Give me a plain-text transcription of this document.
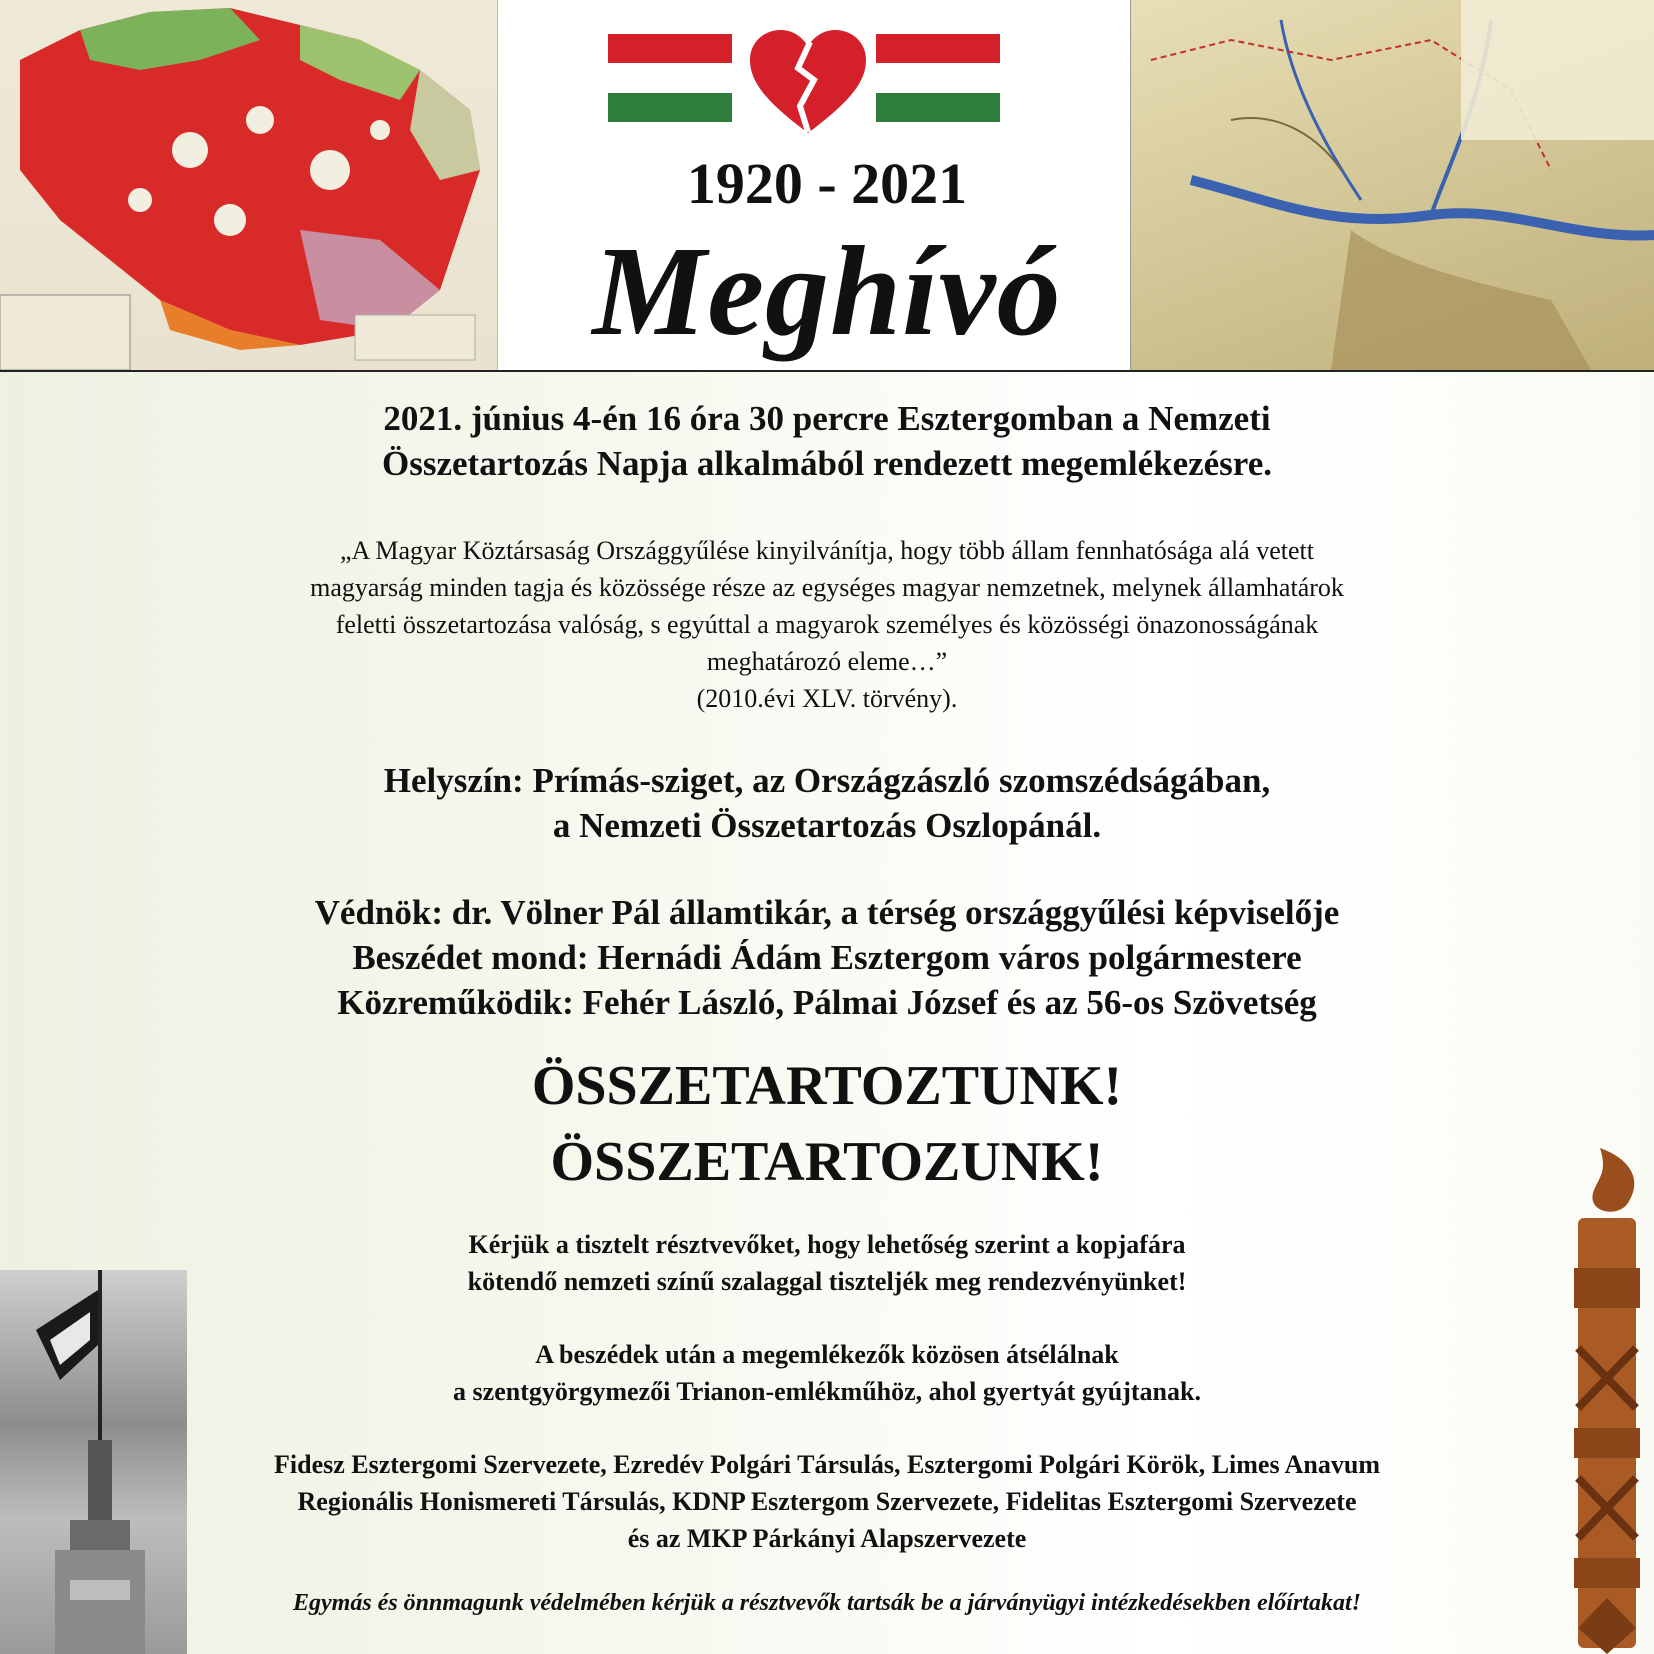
1920 - 2021
Meghívó
2021. június 4-én 16 óra 30 percre Esztergomban a Nemzeti
Összetartozás Napja alkalmából rendezett megemlékezésre.
„A Magyar Köztársaság Országgyűlése kinyilvánítja, hogy több állam fennhatósága alá vetett
magyarság minden tagja és közössége része az egységes magyar nemzetnek, melynek államhatárok
feletti összetartozása valóság, s egyúttal a magyarok személyes és közösségi önazonosságának
meghatározó eleme…”
(2010.évi XLV. törvény).
Helyszín: Prímás-sziget, az Országzászló szomszédságában,
a Nemzeti Összetartozás Oszlopánál.
Védnök: dr. Völner Pál államtikár, a térség országgyűlési képviselője
Beszédet mond: Hernádi Ádám Esztergom város polgármestere
Közreműködik: Fehér László, Pálmai József és az 56-os Szövetség
ÖSSZETARTOZTUNK!
ÖSSZETARTOZUNK!
Kérjük a tisztelt résztvevőket, hogy lehetőség szerint a kopjafára
kötendő nemzeti színű szalaggal tiszteljék meg rendezvényünket!
A beszédek után a megemlékezők közösen átsélálnak
a szentgyörgymezői Trianon-emlékműhöz, ahol gyertyát gyújtanak.
Fidesz Esztergomi Szervezete, Ezredév Polgári Társulás, Esztergomi Polgári Körök, Limes Anavum
Regionális Honismereti Társulás, KDNP Esztergom Szervezete, Fidelitas Esztergomi Szervezete
és az MKP Párkányi Alapszervezete
Egymás és önnmagunk védelmében kérjük a résztvevők tartsák be a járványügyi intézkedésekben előírtakat!
